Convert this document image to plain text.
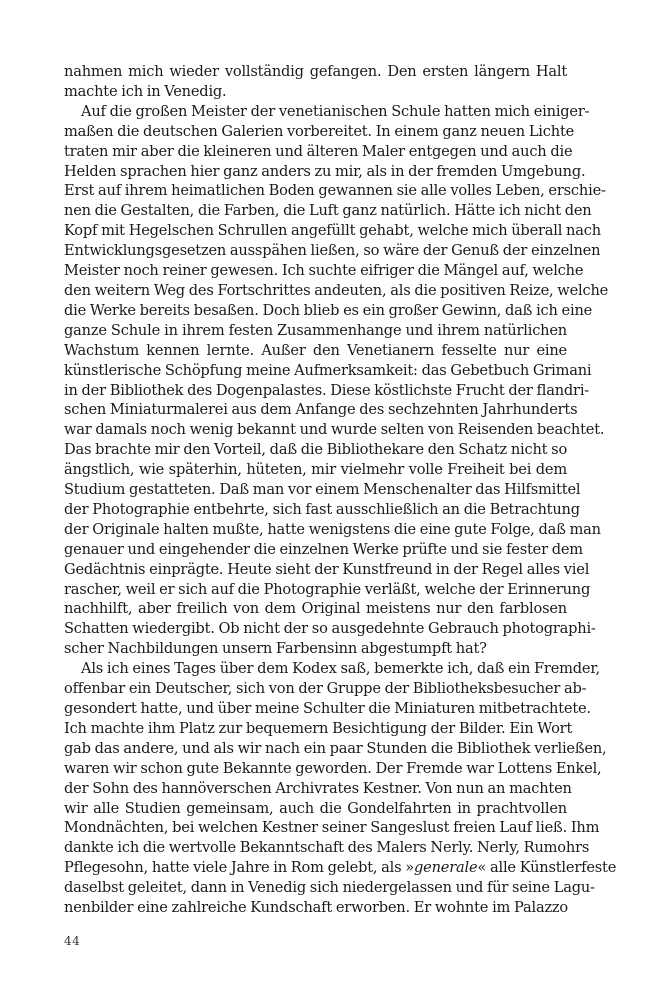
nahmen mich wieder vollständig gefangen. Den ersten längern Halt
machte ich in Venedig.
Auf die großen Meister der venetianischen Schule hatten mich einiger-
maßen die deutschen Galerien vorbereitet. In einem ganz neuen Lichte
traten mir aber die kleineren und älteren Maler entgegen und auch die
Helden sprachen hier ganz anders zu mir, als in der fremden Umgebung.
Erst auf ihrem heimatlichen Boden gewannen sie alle volles Leben, erschie-
nen die Gestalten, die Farben, die Luft ganz natürlich. Hätte ich nicht den
Kopf mit Hegelschen Schrullen angefüllt gehabt, welche mich überall nach
Entwicklungsgesetzen ausspähen ließen, so wäre der Genuß der einzelnen
Meister noch reiner gewesen. Ich suchte eifriger die Mängel auf, welche
den weitern Weg des Fortschrittes andeuten, als die positiven Reize, welche
die Werke bereits besaßen. Doch blieb es ein großer Gewinn, daß ich eine
ganze Schule in ihrem festen Zusammenhange und ihrem natürlichen
Wachstum kennen lernte. Außer den Venetianern fesselte nur eine
künstlerische Schöpfung meine Aufmerksamkeit: das Gebetbuch Grimani
in der Bibliothek des Dogenpalastes. Diese köstlichste Frucht der flandri-
schen Miniaturmalerei aus dem Anfange des sechzehnten Jahrhunderts
war damals noch wenig bekannt und wurde selten von Reisenden beachtet.
Das brachte mir den Vorteil, daß die Bibliothekare den Schatz nicht so
ängstlich, wie späterhin, hüteten, mir vielmehr volle Freiheit bei dem
Studium gestatteten. Daß man vor einem Menschenalter das Hilfsmittel
der Photographie entbehrte, sich fast ausschließlich an die Betrachtung
der Originale halten mußte, hatte wenigstens die eine gute Folge, daß man
genauer und eingehender die einzelnen Werke prüfte und sie fester dem
Gedächtnis einprägte. Heute sieht der Kunstfreund in der Regel alles viel
rascher, weil er sich auf die Photographie verläßt, welche der Erinnerung
nachhilft, aber freilich von dem Original meistens nur den farblosen
Schatten wiedergibt. Ob nicht der so ausgedehnte Gebrauch photographi-
scher Nachbildungen unsern Farbensinn abgestumpft hat?
Als ich eines Tages über dem Kodex saß, bemerkte ich, daß ein Fremder,
offenbar ein Deutscher, sich von der Gruppe der Bibliotheksbesucher ab-
gesondert hatte, und über meine Schulter die Miniaturen mitbetrachtete.
Ich machte ihm Platz zur bequemern Besichtigung der Bilder. Ein Wort
gab das andere, und als wir nach ein paar Stunden die Bibliothek verließen,
waren wir schon gute Bekannte geworden. Der Fremde war Lottens Enkel,
der Sohn des hannöverschen Archivrates Kestner. Von nun an machten
wir alle Studien gemeinsam, auch die Gondelfahrten in prachtvollen
Mondnächten, bei welchen Kestner seiner Sangeslust freien Lauf ließ. Ihm
dankte ich die wertvolle Bekanntschaft des Malers Nerly. Nerly, Rumohrs
Pflegesohn, hatte viele Jahre in Rom gelebt, als »generale« alle Künstlerfeste
daselbst geleitet, dann in Venedig sich niedergelassen und für seine Lagu-
nenbilder eine zahlreiche Kundschaft erworben. Er wohnte im Palazzo
44
